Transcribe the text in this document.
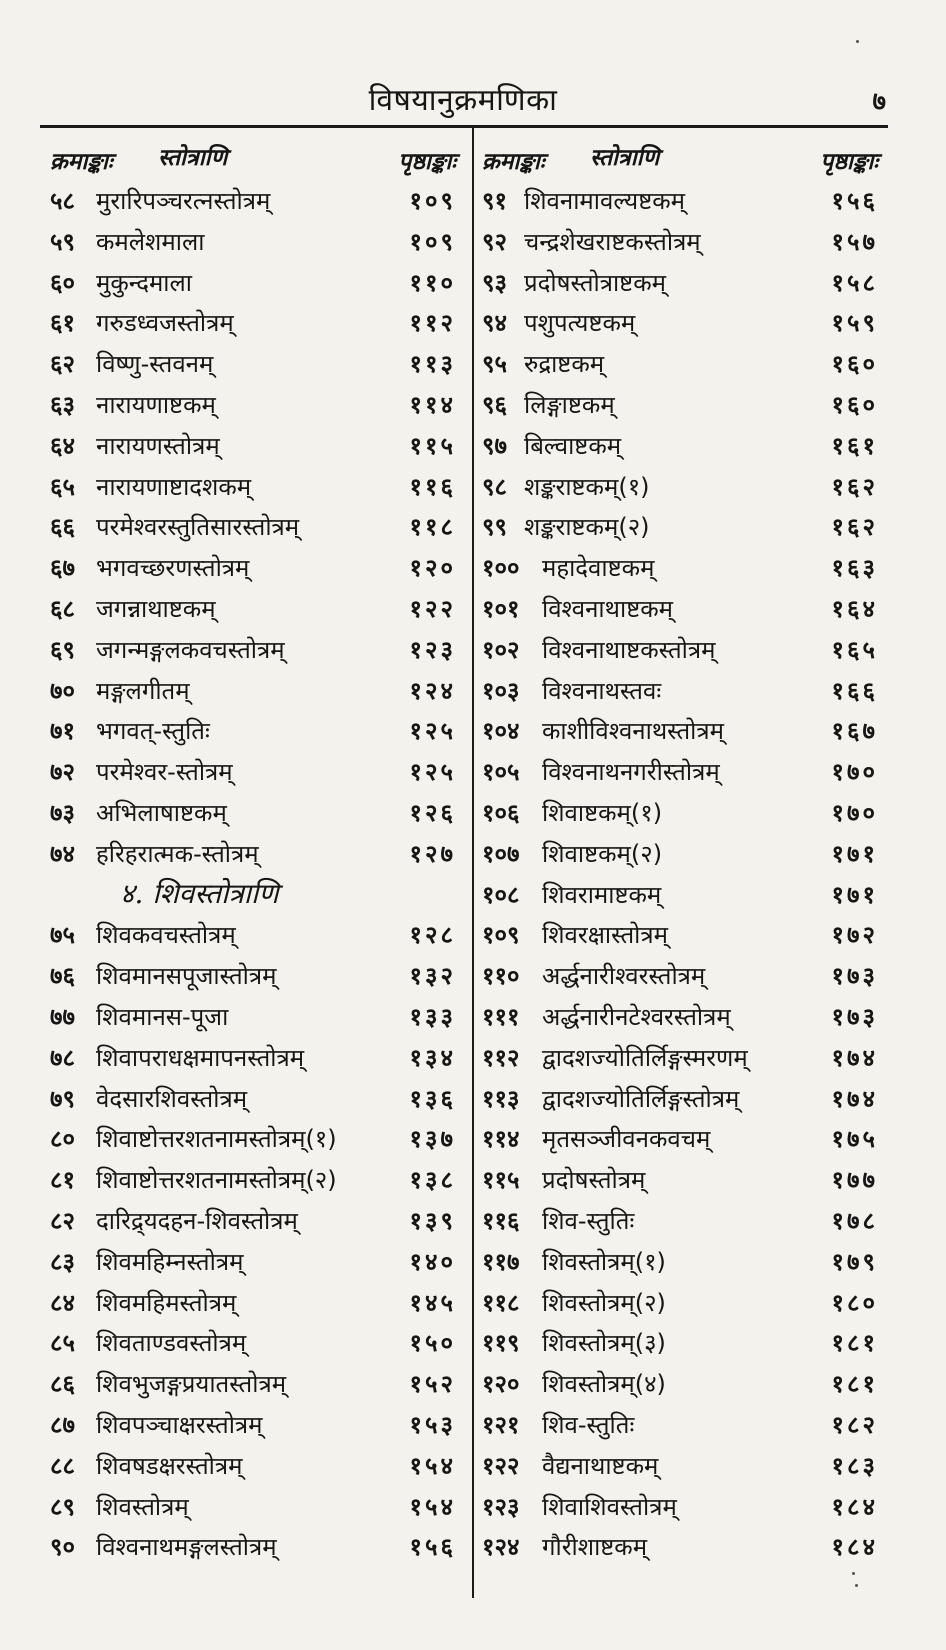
विषयानुक्रमणिका	७
क्रमाङ्काः स्तोत्राणि	पृष्ठाङ्काः
५८ मुरारिपञ्चरत्नस्तोत्रम्	१०९
५९ कमलेशमाला	१०९
६० मुकुन्दमाला	११०
६१ गरुडध्वजस्तोत्रम्	११२
६२ विष्णु-स्तवनम्	११३
६३ नारायणाष्टकम्	११४
६४ नारायणस्तोत्रम्	११५
६५ नारायणाष्टादशकम्	११६
६६ परमेश्वरस्तुतिसारस्तोत्रम्	११८
६७ भगवच्छरणस्तोत्रम्	१२०
६८ जगन्नाथाष्टकम्	१२२
६९ जगन्मङ्गलकवचस्तोत्रम्	१२३
७० मङ्गलगीतम्	१२४
७१ भगवत्-स्तुतिः	१२५
७२ परमेश्वर-स्तोत्रम्	१२५
७३ अभिलाषाष्टकम्	१२६
७४ हरिहरात्मक-स्तोत्रम्	१२७
४. शिवस्तोत्राणि
७५ शिवकवचस्तोत्रम्	१२८
७६ शिवमानसपूजास्तोत्रम्	१३२
७७ शिवमानस-पूजा	१३३
७८ शिवापराधक्षमापनस्तोत्रम्	१३४
७९ वेदसारशिवस्तोत्रम्	१३६
८० शिवाष्टोत्तरशतनामस्तोत्रम्(१)	१३७
८१ शिवाष्टोत्तरशतनामस्तोत्रम्(२)	१३८
८२ दारिद्र्यदहन-शिवस्तोत्रम्	१३९
८३ शिवमहिम्नस्तोत्रम्	१४०
८४ शिवमहिमस्तोत्रम्	१४५
८५ शिवताण्डवस्तोत्रम्	१५०
८६ शिवभुजङ्गप्रयातस्तोत्रम्	१५२
८७ शिवपञ्चाक्षरस्तोत्रम्	१५३
८८ शिवषडक्षरस्तोत्रम्	१५४
८९ शिवस्तोत्रम्	१५४
९० विश्वनाथमङ्गलस्तोत्रम्	१५६
क्रमाङ्काः स्तोत्राणि	पृष्ठाङ्काः
९१ शिवनामावल्यष्टकम्	१५६
९२ चन्द्रशेखराष्टकस्तोत्रम्	१५७
९३ प्रदोषस्तोत्राष्टकम्	१५८
९४ पशुपत्यष्टकम्	१५९
९५ रुद्राष्टकम्	१६०
९६ लिङ्गाष्टकम्	१६०
९७ बिल्वाष्टकम्	१६१
९८ शङ्कराष्टकम्(१)	१६२
९९ शङ्कराष्टकम्(२)	१६२
१०० महादेवाष्टकम्	१६३
१०१ विश्वनाथाष्टकम्	१६४
१०२ विश्वनाथाष्टकस्तोत्रम्	१६५
१०३ विश्वनाथस्तवः	१६६
१०४ काशीविश्वनाथस्तोत्रम्	१६७
१०५ विश्वनाथनगरीस्तोत्रम्	१७०
१०६ शिवाष्टकम्(१)	१७०
१०७ शिवाष्टकम्(२)	१७१
१०८ शिवरामाष्टकम्	१७१
१०९ शिवरक्षास्तोत्रम्	१७२
११० अर्द्धनारीश्वरस्तोत्रम्	१७३
१११ अर्द्धनारीनटेश्वरस्तोत्रम्	१७३
११२ द्वादशज्योतिर्लिङ्गस्मरणम्	१७४
११३ द्वादशज्योतिर्लिङ्गस्तोत्रम्	१७४
११४ मृतसञ्जीवनकवचम्	१७५
११५ प्रदोषस्तोत्रम्	१७७
११६ शिव-स्तुतिः	१७८
११७ शिवस्तोत्रम्(१)	१७९
११८ शिवस्तोत्रम्(२)	१८०
११९ शिवस्तोत्रम्(३)	१८१
१२० शिवस्तोत्रम्(४)	१८१
१२१ शिव-स्तुतिः	१८२
१२२ वैद्यनाथाष्टकम्	१८३
१२३ शिवाशिवस्तोत्रम्	१८४
१२४ गौरीशाष्टकम्	१८४
